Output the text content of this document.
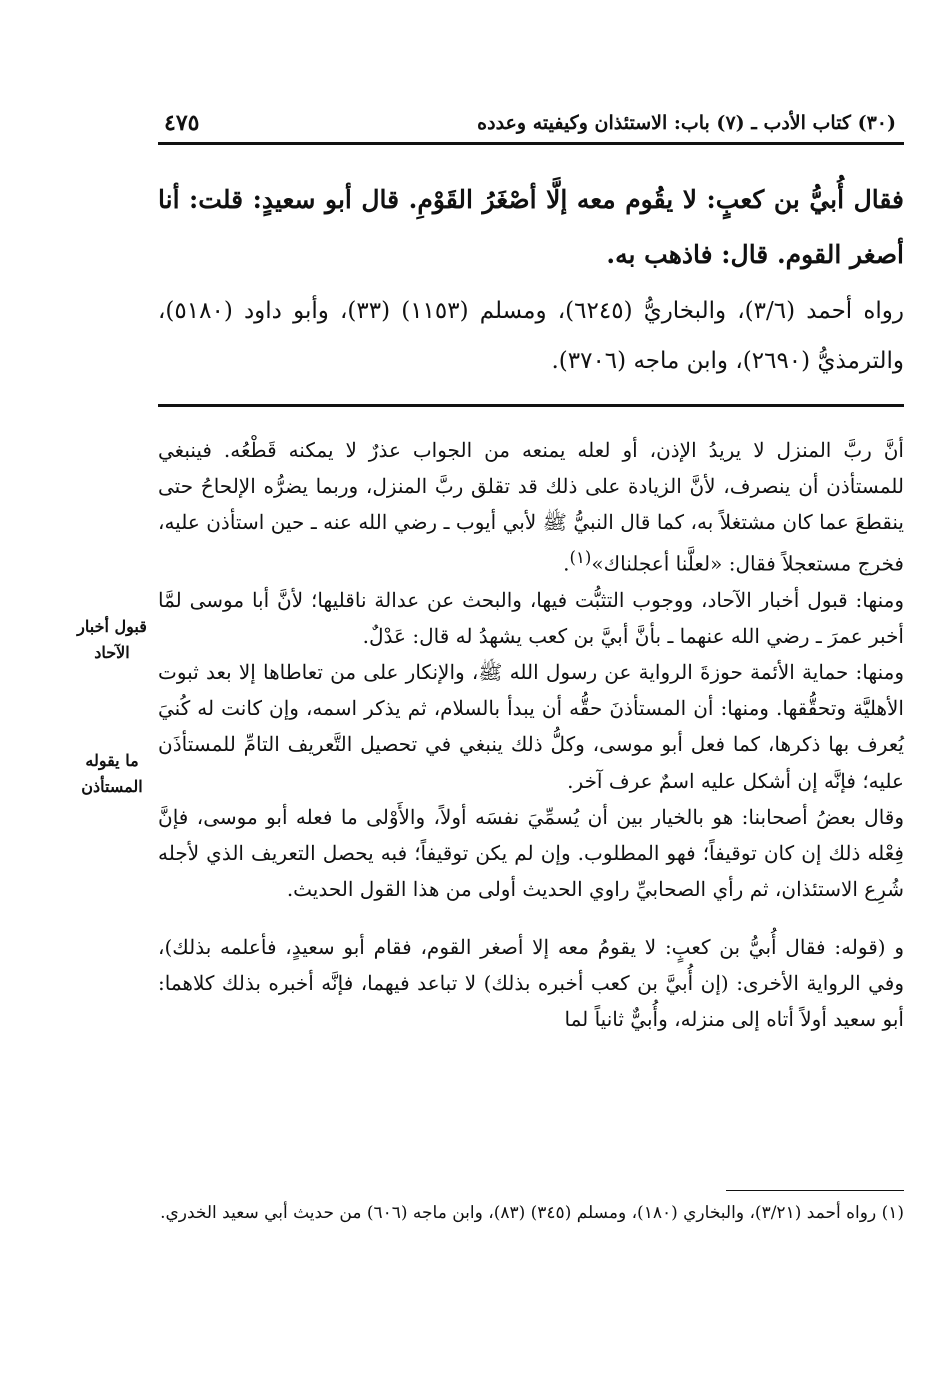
(٣٠) كتاب الأدب ـ (٧) باب: الاستئذان وكيفيته وعدده
٤٧٥

فقال أُبيُّ بن كعبٍ: لا يقُوم معه إلَّا أصْغَرُ القَوْمِ. قال أبو سعيدٍ: قلت: أنا أصغر القوم. قال: فاذهب به.

رواه أحمد (٣/٦)، والبخاريُّ (٦٢٤٥)، ومسلم (١١٥٣) (٣٣)، وأبو داود (٥١٨٠)، والترمذيُّ (٢٦٩٠)، وابن ماجه (٣٧٠٦).

أنَّ ربَّ المنزل لا يريدُ الإذن، أو لعله يمنعه من الجواب عذرٌ لا يمكنه قَطْعُه. فينبغي للمستأذن أن ينصرف، لأنَّ الزيادة على ذلك قد تقلق ربَّ المنزل، وربما يضرُّه الإلحاحُ حتى ينقطعَ عما كان مشتغلاً به، كما قال النبيُّ ﷺ لأبي أيوب ـ رضي الله عنه ـ حين استأذن عليه، فخرج مستعجلاً فقال: «لعلَّنا أعجلناك»$^{(١)}$.

ومنها: قبول أخبار الآحاد، ووجوب التثبُّت فيها، والبحث عن عدالة ناقليها؛ لأنَّ أبا موسى لمَّا أخبر عمرَ ـ رضي الله عنهما ـ بأنَّ أبيَّ بن كعب يشهدُ له قال: عَدْلٌ.

ومنها: حماية الأئمة حوزةَ الرواية عن رسول الله ﷺ، والإنكار على من تعاطاها إلا بعد ثبوت الأهليَّة وتحقُّقها. ومنها: أن المستأذنَ حقُّه أن يبدأ بالسلام، ثم يذكر اسمه، وإن كانت له كُنيَ يُعرف بها ذكرها، كما فعل أبو موسى، وكلُّ ذلك ينبغي في تحصيل التَّعريف التامِّ للمستأذَن عليه؛ فإنَّه إن أشكل عليه اسمٌ عرف آخر.

وقال بعضُ أصحابنا: هو بالخيار بين أن يُسمِّيَ نفسَه أولاً، والأَوْلى ما فعله أبو موسى، فإنَّ فِعْله ذلك إن كان توقيفاً؛ فهو المطلوب. وإن لم يكن توقيفاً؛ فبه يحصل التعريف الذي لأجله شُرِع الاستئذان، ثم رأي الصحابيِّ راوي الحديث أولى من هذا القول الحديث.

و (قوله: فقال أُبيُّ بن كعبٍ: لا يقومُ معه إلا أصغر القوم، فقام أبو سعيدٍ، فأعلمه بذلك)، وفي الرواية الأخرى: (إن أُبيَّ بن كعب أخبره بذلك) لا تباعد فيهما، فإنَّه أخبره بذلك كلاهما: أبو سعيد أولاً أتاه إلى منزله، وأُبيٌّ ثانياً لما

قبول أخبار الآحاد
ما يقوله المستأذن

(١) رواه أحمد (٣/٢١)، والبخاري (١٨٠)، ومسلم (٣٤٥) (٨٣)، وابن ماجه (٦٠٦) من حديث أبي سعيد الخدري.
